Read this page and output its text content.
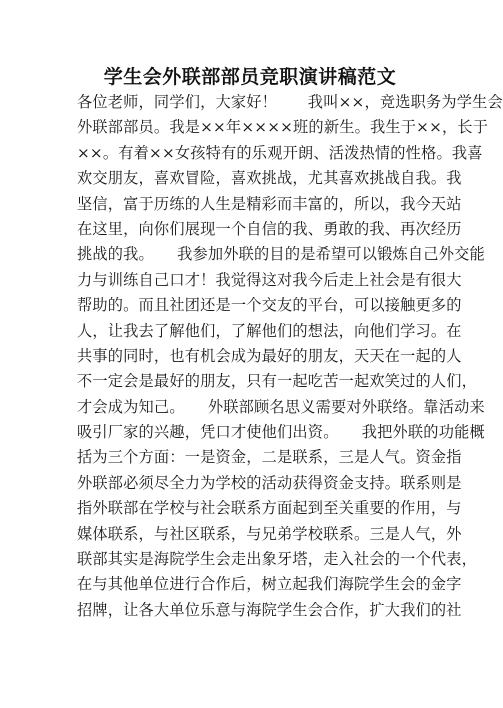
学生会外联部部员竞职演讲稿范文
各位老师，同学们，大家好！　　我叫××，竞选职务为学生会
外联部部员。我是××年××××班的新生。我生于××，长于
××。有着××女孩特有的乐观开朗、活泼热情的性格。我喜
欢交朋友，喜欢冒险，喜欢挑战，尤其喜欢挑战自我。我
坚信，富于历练的人生是精彩而丰富的，所以，我今天站
在这里，向你们展现一个自信的我、勇敢的我、再次经历
挑战的我。　　我参加外联的目的是希望可以锻炼自己外交能
力与训练自己口才！我觉得这对我今后走上社会是有很大
帮助的。而且社团还是一个交友的平台，可以接触更多的
人，让我去了解他们，了解他们的想法，向他们学习。在
共事的同时，也有机会成为最好的朋友，天天在一起的人
不一定会是最好的朋友，只有一起吃苦一起欢笑过的人们，
才会成为知己。　　外联部顾名思义需要对外联络。靠活动来
吸引厂家的兴趣，凭口才使他们出资。　　我把外联的功能概
括为三个方面：一是资金，二是联系，三是人气。资金指
外联部必须尽全力为学校的活动获得资金支持。联系则是
指外联部在学校与社会联系方面起到至关重要的作用，与
媒体联系，与社区联系，与兄弟学校联系。三是人气，外
联部其实是海院学生会走出象牙塔，走入社会的一个代表，
在与其他单位进行合作后，树立起我们海院学生会的金字
招牌，让各大单位乐意与海院学生会合作，扩大我们的社
